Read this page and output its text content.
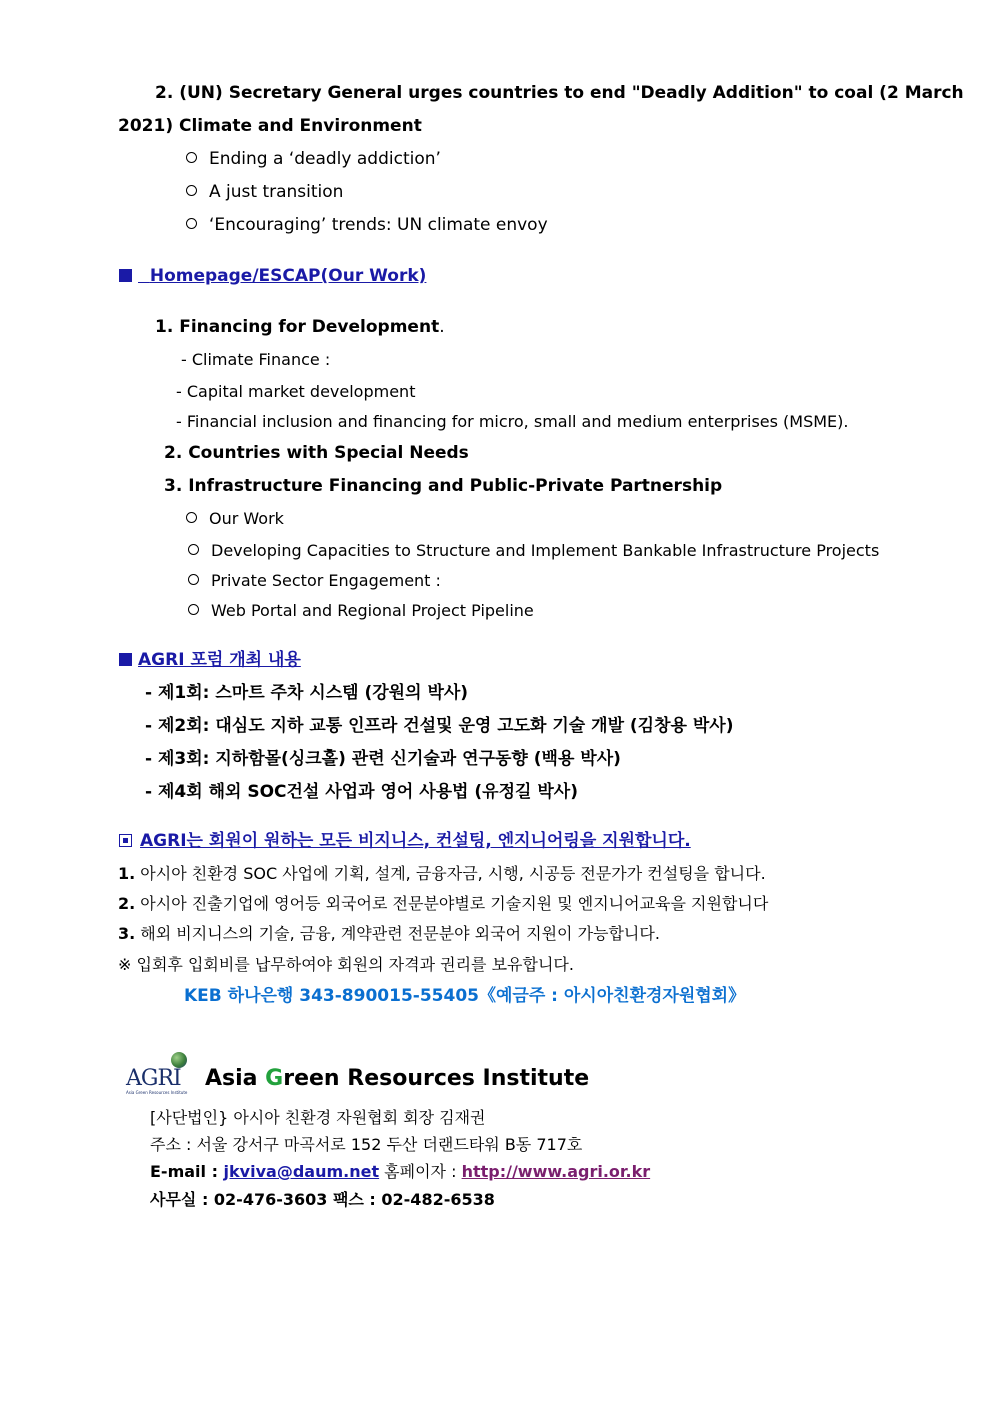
2. (UN) Secretary General urges countries to end "Deadly Addition" to coal (2 March
2021) Climate and Environment
Ending a ‘deadly addiction’
A just transition
‘Encouraging’ trends: UN climate envoy
Homepage/ESCAP(Our Work)
1. Financing for Development.
- Climate Finance :
- Capital market development
- Financial inclusion and financing for micro, small and medium enterprises (MSME).
2. Countries with Special Needs
3. Infrastructure Financing and Public-Private Partnership
Our Work
Developing Capacities to Structure and Implement Bankable Infrastructure Projects
Private Sector Engagement :
Web Portal and Regional Project Pipeline
AGRI 포럼 개최 내용
- 제1회: 스마트 주차 시스템 (강원의 박사)
- 제2회: 대심도 지하 교통 인프라 건설및 운영 고도화 기술 개발 (김창용 박사)
- 제3회: 지하함몰(싱크홀) 관련 신기술과 연구동향 (백용 박사)
- 제4회 해외 SOC건설 사업과 영어 사용법 (유정길 박사)
AGRI는 회원이 원하는 모든 비지니스, 컨설팅, 엔지니어링을 지원합니다.
1. 아시아 친환경 SOC 사업에 기획, 설계, 금융자금, 시행, 시공등 전문가가 컨설팅을 합니다.
2. 아시아 진출기업에 영어등 외국어로 전문분야별로 기술지원 및 엔지니어교육을 지원합니다
3. 해외 비지니스의 기술, 금융, 계약관련 전문분야 외국어 지원이 가능합니다.
※ 입회후 입회비를 납무하여야 회원의 자격과 권리를 보유합니다.
KEB 하나은행 343-890015-55405《예금주 : 아시아친환경자원협회》
AGRI
Asia Green Resources Institute
Asia Green Resources Institute
[사단법인} 아시아 친환경 자원협회 회장 김재권
주소 : 서울 강서구 마곡서로 152 두산 더랜드타워 B동 717호
E-mail : jkviva@daum.net 홈페이자 : http://www.agri.or.kr
사무실 : 02-476-3603 팩스 : 02-482-6538
